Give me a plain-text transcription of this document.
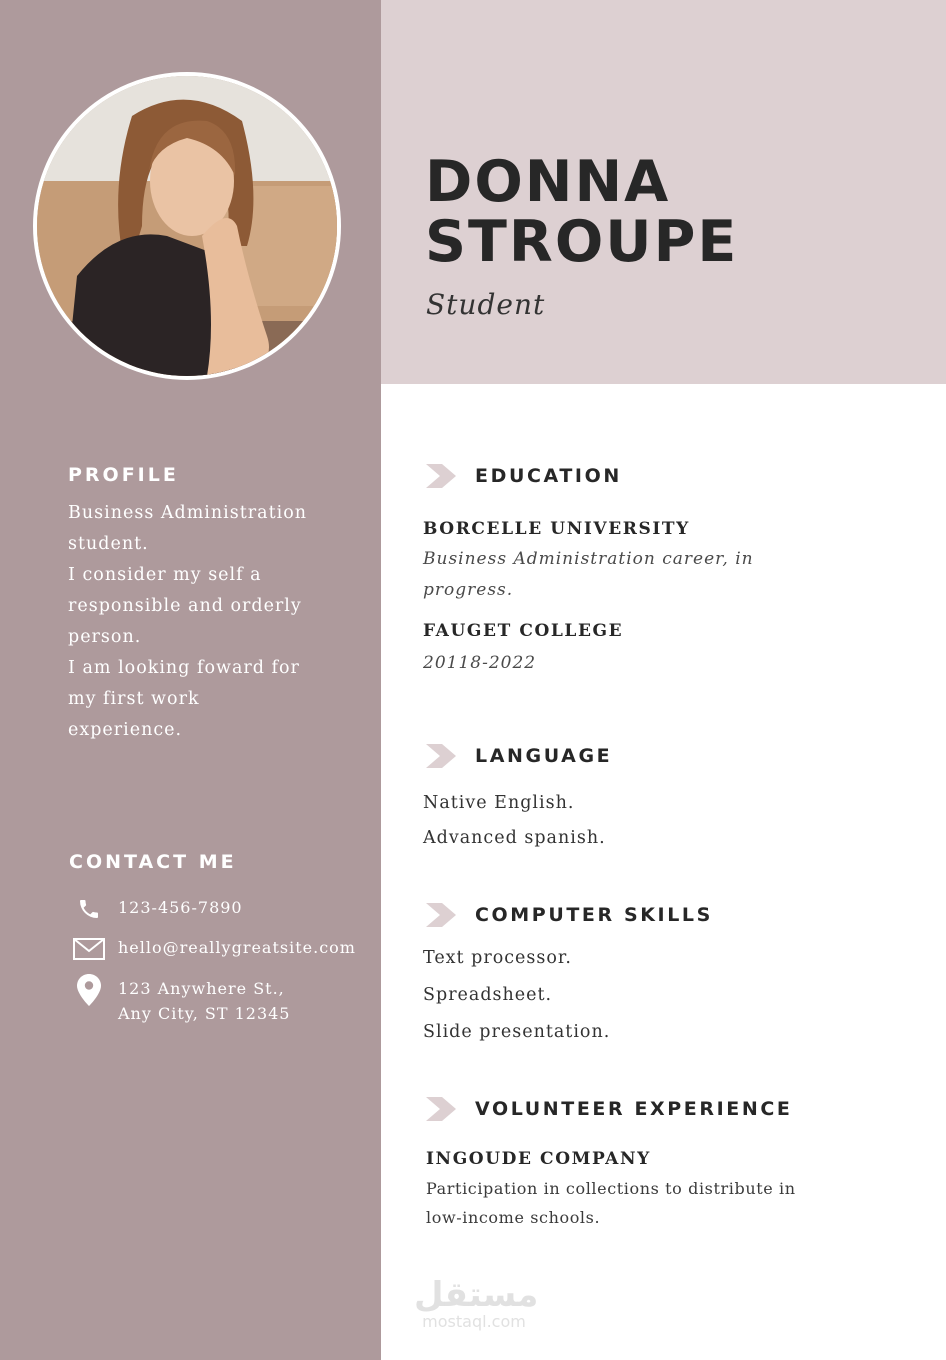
DONNA
STROUPE
Student
PROFILE
Business Administration
student.
I consider my self a
responsible and orderly
person.
I am looking foward for
my first work
experience.
CONTACT ME
123-456-7890
hello@reallygreatsite.com
123 Anywhere St.,
Any City, ST 12345
EDUCATION
BORCELLE UNIVERSITY
Business Administration career, in
progress.
FAUGET COLLEGE
20118-2022
LANGUAGE
Native English.
Advanced spanish.
COMPUTER SKILLS
Text processor.
Spreadsheet.
Slide presentation.
VOLUNTEER EXPERIENCE
INGOUDE COMPANY
Participation in collections to distribute in
low-income schools.
مستقل
mostaql.com
